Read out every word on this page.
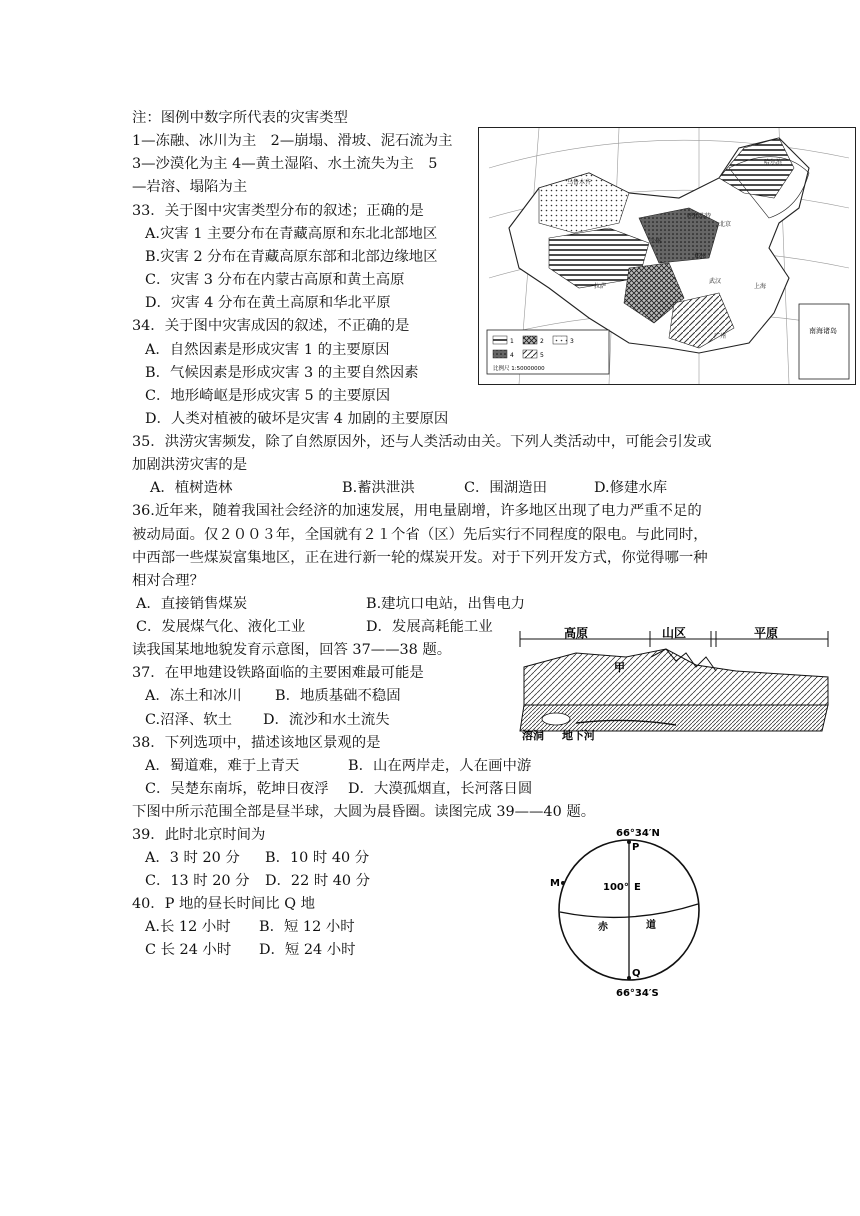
注：图例中数字所代表的灾害类型
1—冻融、冰川为主　2—崩塌、滑坡、泥石流为主
3—沙漠化为主 4—黄土湿陷、水土流失为主　5
—岩溶、塌陷为主
33．关于图中灾害类型分布的叙述；正确的是
A.灾害 1 主要分布在青藏高原和东北北部地区
B.灾害 2 分布在青藏高原东部和北部边缘地区
C．灾害 3 分布在内蒙古高原和黄土高原
D．灾害 4 分布在黄土高原和华北平原
34．关于图中灾害成因的叙述，不正确的是
A．自然因素是形成灾害 1 的主要原因
B．气候因素是形成灾害 3 的主要自然因素
C．地形崎岖是形成灾害 5 的主要原因
D．人类对植被的破坏是灾害 4 加剧的主要原因
35．洪涝灾害频发，除了自然原因外，还与人类活动由关。下列人类活动中，可能会引发或
加剧洪涝灾害的是
A．植树造林	B.蓄洪泄洪	C．围湖造田	D.修建水库
36.近年来，随着我国社会经济的加速发展，用电量剧增，许多地区出现了电力严重不足的
被动局面。仅２００３年，全国就有２１个省（区）先后实行不同程度的限电。与此同时，
中西部一些煤炭富集地区，正在进行新一轮的煤炭开发。对于下列开发方式，你觉得哪一种
相对合理？
A．直接销售煤炭	B.建坑口电站，出售电力
C．发展煤气化、液化工业	D．发展高耗能工业
读我国某地地貌发育示意图，回答 37——38 题。
37．在甲地建设铁路面临的主要困难最可能是
A．冻土和冰川 B．地质基础不稳固
C.沼泽、软土 D．流沙和水土流失
38．下列选项中，描述该地区景观的是
A．蜀道难，难于上青天	B．山在两岸走，人在画中游
C．吴楚东南坼，乾坤日夜浮 D．大漠孤烟直，长河落日圆
下图中所示范围全部是昼半球，大圆为晨昏圈。读图完成 39——40 题。
39．此时北京时间为
A．3 时 20 分 B．10 时 40 分
C．13 时 20 分 D．22 时 40 分
40．P 地的昼长时间比 Q 地
A.长 12 小时 B．短 12 小时
C 长 24 小时 D．短 24 小时
南海诸岛
乌鲁木齐
哈尔滨
呼和浩特
北京
兰州
郑州
武汉
上海
拉萨
广州
1	2	3
4	5
比例尺 1:50000000
高原	山区	平原
甲
溶洞 地下河
66°34′N
P
Q
M	100° E
赤	道
66°34′S
